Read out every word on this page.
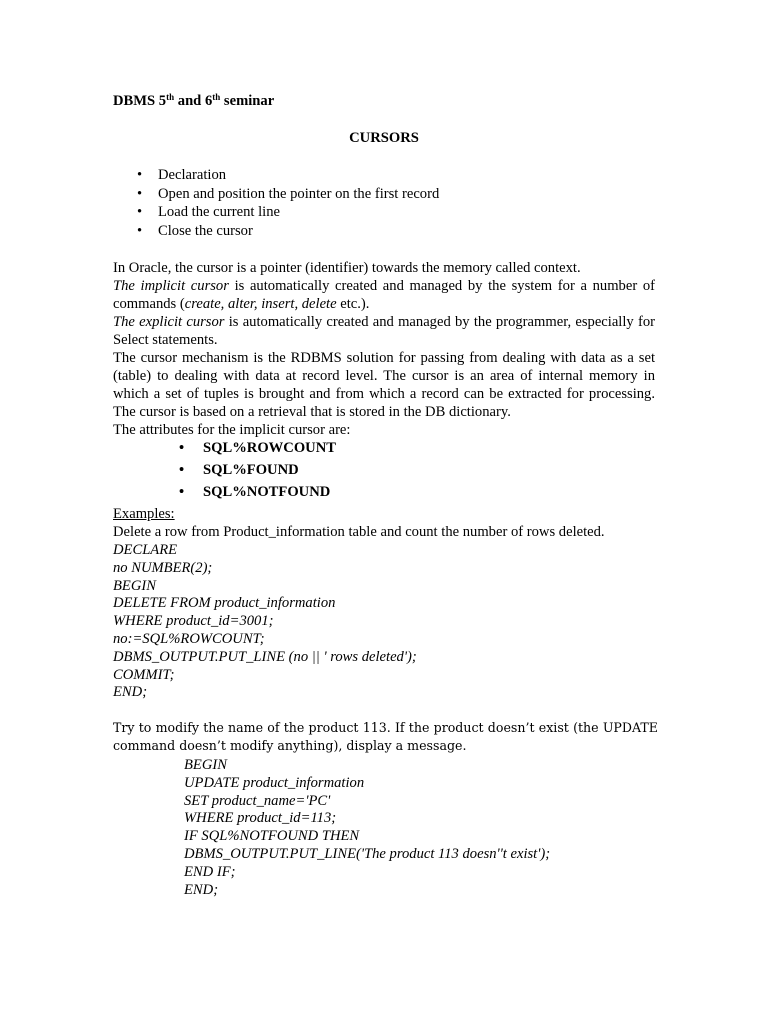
DBMS 5th and 6th seminar
CURSORS
• Declaration
• Open and position the pointer on the first record
• Load the current line
• Close the cursor

In Oracle, the cursor is a pointer (identifier) towards the memory called context.

The implicit cursor is automatically created and managed by the system for a number of commands (create, alter, insert, delete etc.).

The explicit cursor is automatically created and managed by the programmer, especially for Select statements.

The cursor mechanism is the RDBMS solution for passing from dealing with data as a set (table) to dealing with data at record level. The cursor is an area of internal memory in which a set of tuples is brought and from which a record can be extracted for processing. The cursor is based on a retrieval that is stored in the DB dictionary.

The attributes for the implicit cursor are:

• SQL%ROWCOUNT
• SQL%FOUND
• SQL%NOTFOUND
Examples:
Delete a row from Product_information table and count the number of rows deleted.
DECLARE
no NUMBER(2);
BEGIN
DELETE FROM product_information
WHERE product_id=3001;
no:=SQL%ROWCOUNT;
DBMS_OUTPUT.PUT_LINE (no || ' rows deleted');
COMMIT;
END;
Try to modify the name of the product 113. If the product doesn’t exist (the UPDATE command doesn’t modify anything), display a message.
BEGIN
UPDATE product_information
SET product_name='PC'
WHERE product_id=113;
IF SQL%NOTFOUND THEN
DBMS_OUTPUT.PUT_LINE('The product 113 doesn''t exist');
END IF;
END;
